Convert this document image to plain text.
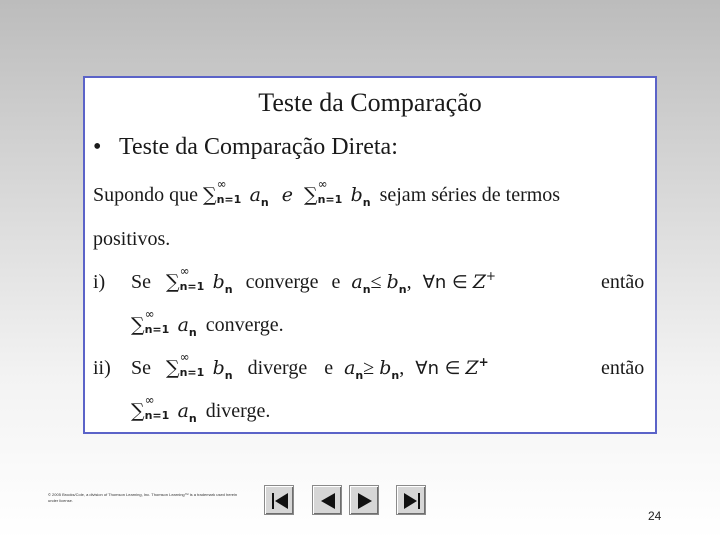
Teste da Comparação
• Teste da Comparação Direta:
Supondo que ∑ ∞
n=1 $a_n$ e ∑ ∞
n=1 $b_n$ sejam séries de termos
positivos.
i) Se ∑ ∞
n=1 $b_n$ converge e $a_n\le b_n$, ∀n ∈ Z+	então
∑ ∞
n=1 $a_n$ converge.
ii) Se ∑ ∞
n=1 $b_n$ diverge e $a_n\ge b_n$, ∀n ∈ Z+	então
∑ ∞
n=1 $a_n$ diverge.
© 2005 Brooks/Cole, a division of Thomson Learning, Inc. Thomson Learning™ is a trademark used herein under license.
24
